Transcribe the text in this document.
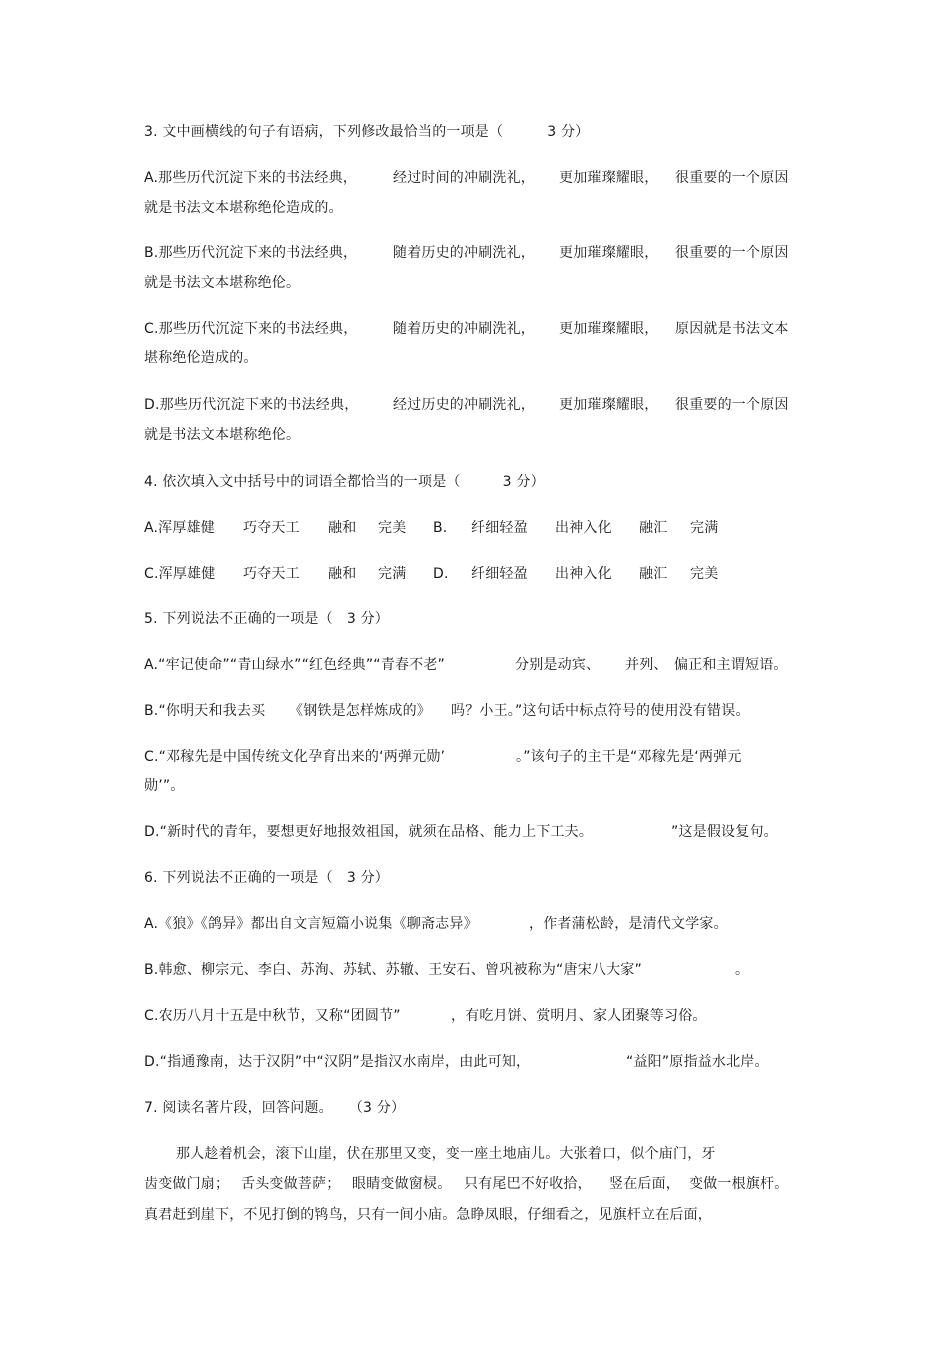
3. 文中画横线的句子有语病，下列修改最恰当的一项是（	3 分）
A.那些历代沉淀下来的书法经典，	经过时间的冲刷洗礼， 更加璀璨耀眼， 很重要的一个原因
就是书法文本堪称绝伦造成的。
B.那些历代沉淀下来的书法经典，	随着历史的冲刷洗礼， 更加璀璨耀眼， 很重要的一个原因
就是书法文本堪称绝伦。
C.那些历代沉淀下来的书法经典，	随着历史的冲刷洗礼， 更加璀璨耀眼， 原因就是书法文本
堪称绝伦造成的。
D.那些历代沉淀下来的书法经典， 经过历史的冲刷洗礼， 更加璀璨耀眼， 很重要的一个原因
就是书法文本堪称绝伦。
4. 依次填入文中括号中的词语全都恰当的一项是（	3 分）
A.浑厚雄健 巧夺天工 融和 完美 B. 纤细轻盈 出神入化 融汇 完满
C.浑厚雄健 巧夺天工 融和 完满 D. 纤细轻盈 出神入化 融汇 完美
5. 下列说法不正确的一项是（ 3 分）
A.“牢记使命”“青山绿水”“红色经典”“青春不老”	分别是动宾、 并列、 偏正和主谓短语。
B.“你明天和我去买 《钢铁是怎样炼成的》 吗？小王。”这句话中标点符号的使用没有错误。
C.“邓稼先是中国传统文化孕育出来的‘两弹元勋’	。”该句子的主干是“邓稼先是‘两弹元
勋’”。
D.“新时代的青年，要想更好地报效祖国，就须在品格、能力上下工夫。	”这是假设复句。
6. 下列说法不正确的一项是（ 3 分）
A.《狼》《鸽异》都出自文言短篇小说集《聊斋志异》	，作者蒲松龄，是清代文学家。
B.韩愈、柳宗元、李白、苏洵、苏轼、苏辙、王安石、曾巩被称为“唐宋八大家”	。
C.农历八月十五是中秋节，又称“团圆节”	，有吃月饼、赏明月、家人团聚等习俗。
D.“指通豫南，达于汉阴”中“汉阴”是指汉水南岸，由此可知，	“益阳”原指益水北岸。
7. 阅读名著片段，回答问题。 （3 分）
那人趁着机会，滚下山崖，伏在那里又变，变一座土地庙儿。大张着口，似个庙门，牙
齿变做门扇； 舌头变做菩萨； 眼睛变做窗棂。 只有尾巴不好收拾， 竖在后面， 变做一根旗杆。
真君赶到崖下，不见打倒的鸨鸟，只有一间小庙。急睁凤眼，仔细看之，见旗杆立在后面，
